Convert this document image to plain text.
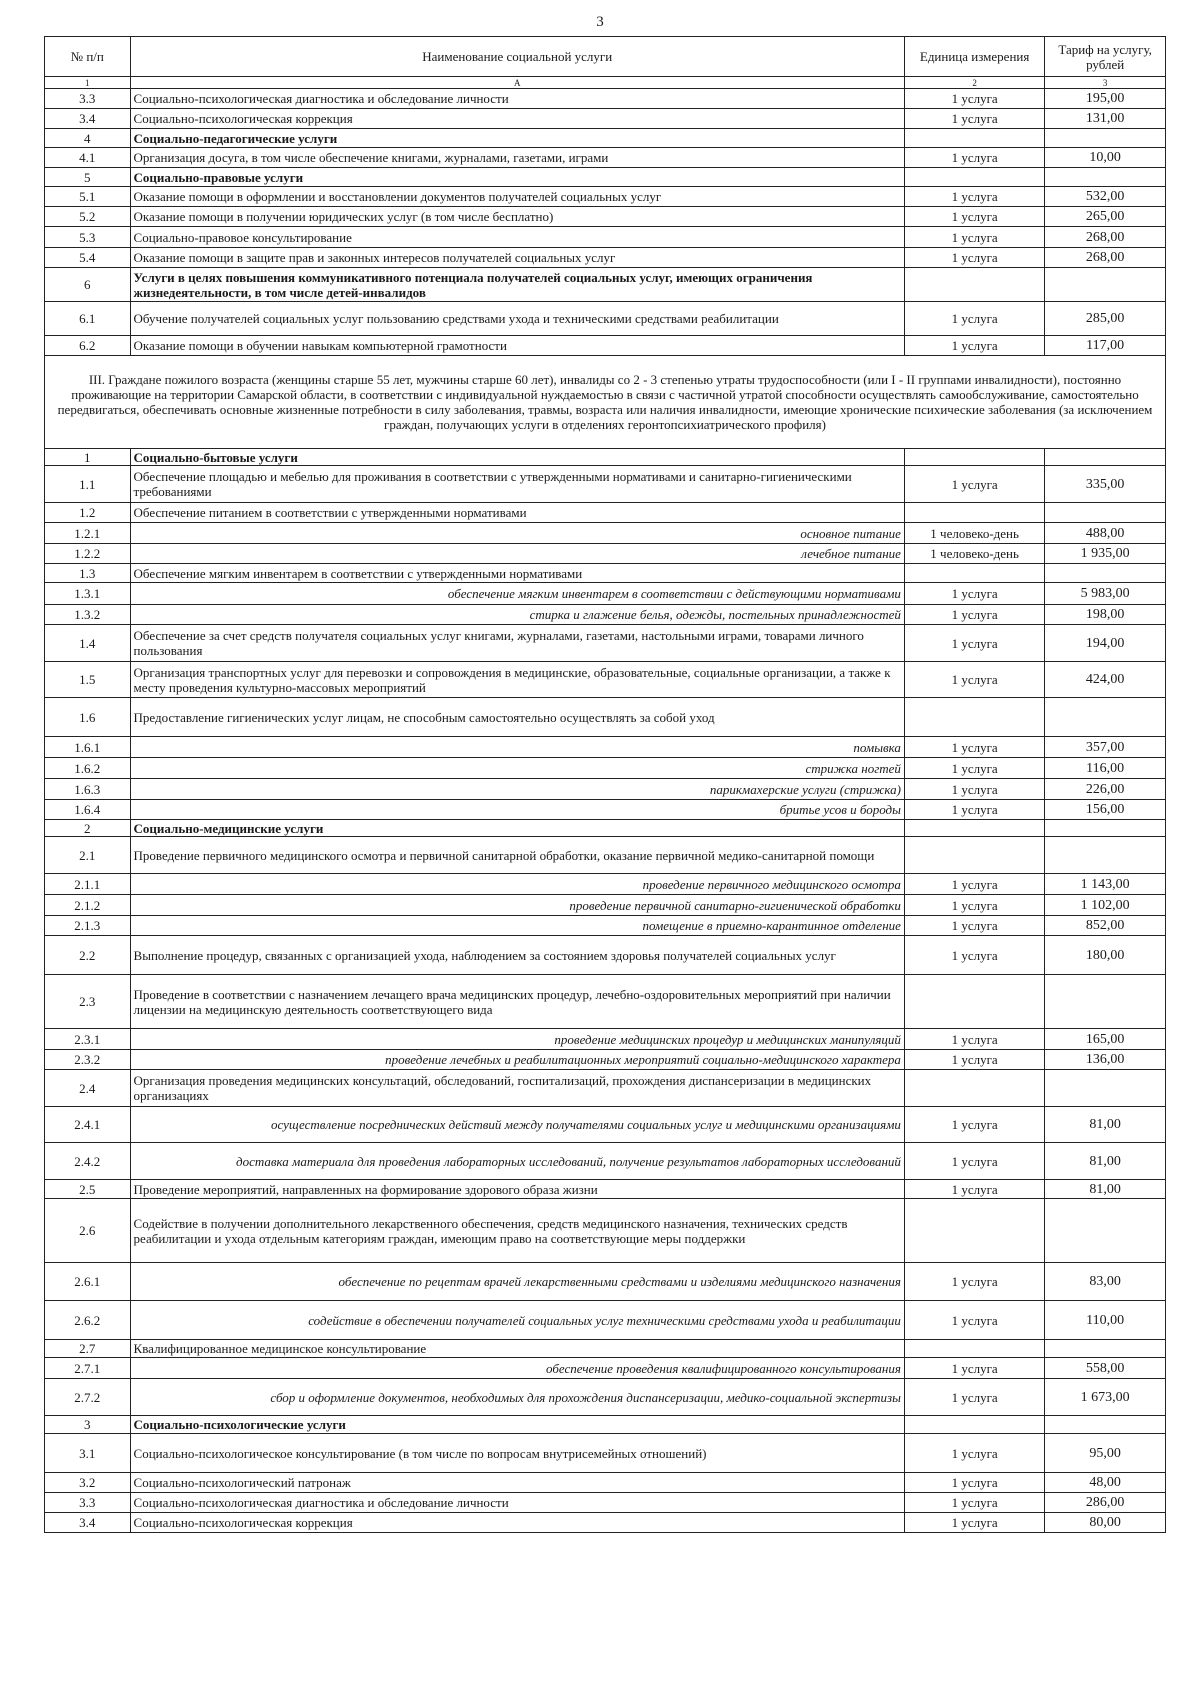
3
№ п/п	Наименование социальной услуги	Единица измерения	Тариф на услугу, рублей
1	А	2	3
3.3	Социально-психологическая диагностика и обследование личности	1 услуга	195,00
3.4	Социально-психологическая коррекция	1 услуга	131,00
4	Социально-педагогические услуги		
4.1	Организация досуга, в том числе обеспечение книгами, журналами, газетами, играми	1 услуга	10,00
5	Социально-правовые услуги		
5.1	Оказание помощи в оформлении и восстановлении документов получателей социальных услуг	1 услуга	532,00
5.2	Оказание помощи в получении юридических услуг (в том числе бесплатно)	1 услуга	265,00
5.3	Социально-правовое консультирование	1 услуга	268,00
5.4	Оказание помощи в защите прав и законных интересов получателей социальных услуг	1 услуга	268,00
6	Услуги в целях повышения коммуникативного потенциала получателей социальных услуг, имеющих ограничения жизнедеятельности, в том числе детей-инвалидов		
6.1	Обучение получателей социальных услуг пользованию средствами ухода и техническими средствами реабилитации	1 услуга	285,00
6.2	Оказание помощи в обучении навыкам компьютерной грамотности	1 услуга	117,00
III. Граждане пожилого возраста (женщины старше 55 лет, мужчины старше 60 лет), инвалиды со 2 - 3 степенью утраты трудоспособности (или I - II группами инвалидности), постоянно проживающие на территории Самарской области, в соответствии с индивидуальной нуждаемостью в связи с частичной утратой способности осуществлять самообслуживание, самостоятельно передвигаться, обеспечивать основные жизненные потребности в силу заболевания, травмы, возраста или наличия инвалидности, имеющие хронические психические заболевания (за исключением граждан, получающих услуги в отделениях геронтопсихиатрического профиля)			
1	Социально-бытовые услуги		
1.1	Обеспечение площадью и мебелью для проживания в соответствии с утвержденными нормативами и санитарно-гигиеническими требованиями	1 услуга	335,00
1.2	Обеспечение питанием в соответствии с утвержденными нормативами		
1.2.1	основное питание	1 человеко-день	488,00
1.2.2	лечебное питание	1 человеко-день	1 935,00
1.3	Обеспечение мягким инвентарем в соответствии с утвержденными нормативами		
1.3.1	обеспечение мягким инвентарем в соответствии с действующими нормативами	1 услуга	5 983,00
1.3.2	стирка и глажение белья, одежды, постельных принадлежностей	1 услуга	198,00
1.4	Обеспечение за счет средств получателя социальных услуг книгами, журналами, газетами, настольными играми, товарами личного пользования	1 услуга	194,00
1.5	Организация транспортных услуг для перевозки и сопровождения в медицинские, образовательные, социальные организации, а также к месту проведения культурно-массовых мероприятий	1 услуга	424,00
1.6	Предоставление гигиенических услуг лицам, не способным самостоятельно осуществлять за собой уход		
1.6.1	помывка	1 услуга	357,00
1.6.2	стрижка ногтей	1 услуга	116,00
1.6.3	парикмахерские услуги (стрижка)	1 услуга	226,00
1.6.4	бритье усов и бороды	1 услуга	156,00
2	Социально-медицинские услуги		
2.1	Проведение первичного медицинского осмотра и первичной санитарной обработки, оказание первичной медико-санитарной помощи		
2.1.1	проведение первичного медицинского осмотра	1 услуга	1 143,00
2.1.2	проведение первичной санитарно-гигиенической обработки	1 услуга	1 102,00
2.1.3	помещение в приемно-карантинное отделение	1 услуга	852,00
2.2	Выполнение процедур, связанных с организацией ухода, наблюдением за состоянием здоровья получателей социальных услуг	1 услуга	180,00
2.3	Проведение в соответствии с назначением лечащего врача медицинских процедур, лечебно-оздоровительных мероприятий при наличии лицензии на медицинскую деятельность соответствующего вида		
2.3.1	проведение медицинских процедур и медицинских манипуляций	1 услуга	165,00
2.3.2	проведение лечебных и реабилитационных мероприятий социально-медицинского характера	1 услуга	136,00
2.4	Организация проведения медицинских консультаций, обследований, госпитализаций, прохождения диспансеризации в медицинских организациях		
2.4.1	осуществление посреднических действий между получателями социальных услуг и медицинскими организациями	1 услуга	81,00
2.4.2	доставка материала для проведения лабораторных исследований, получение результатов лабораторных исследований	1 услуга	81,00
2.5	Проведение мероприятий, направленных на формирование здорового образа жизни	1 услуга	81,00
2.6	Содействие в получении дополнительного лекарственного обеспечения, средств медицинского назначения, технических средств реабилитации и ухода отдельным категориям граждан, имеющим право на соответствующие меры поддержки		
2.6.1	обеспечение по рецептам врачей лекарственными средствами и изделиями медицинского назначения	1 услуга	83,00
2.6.2	содействие в обеспечении получателей социальных услуг техническими средствами ухода и реабилитации	1 услуга	110,00
2.7	Квалифицированное медицинское консультирование		
2.7.1	обеспечение проведения квалифицированного консультирования	1 услуга	558,00
2.7.2	сбор и оформление документов, необходимых для прохождения диспансеризации, медико-социальной экспертизы	1 услуга	1 673,00
3	Социально-психологические услуги		
3.1	Социально-психологическое консультирование (в том числе по вопросам внутрисемейных отношений)	1 услуга	95,00
3.2	Социально-психологический патронаж	1 услуга	48,00
3.3	Социально-психологическая диагностика и обследование личности	1 услуга	286,00
3.4	Социально-психологическая коррекция	1 услуга	80,00
